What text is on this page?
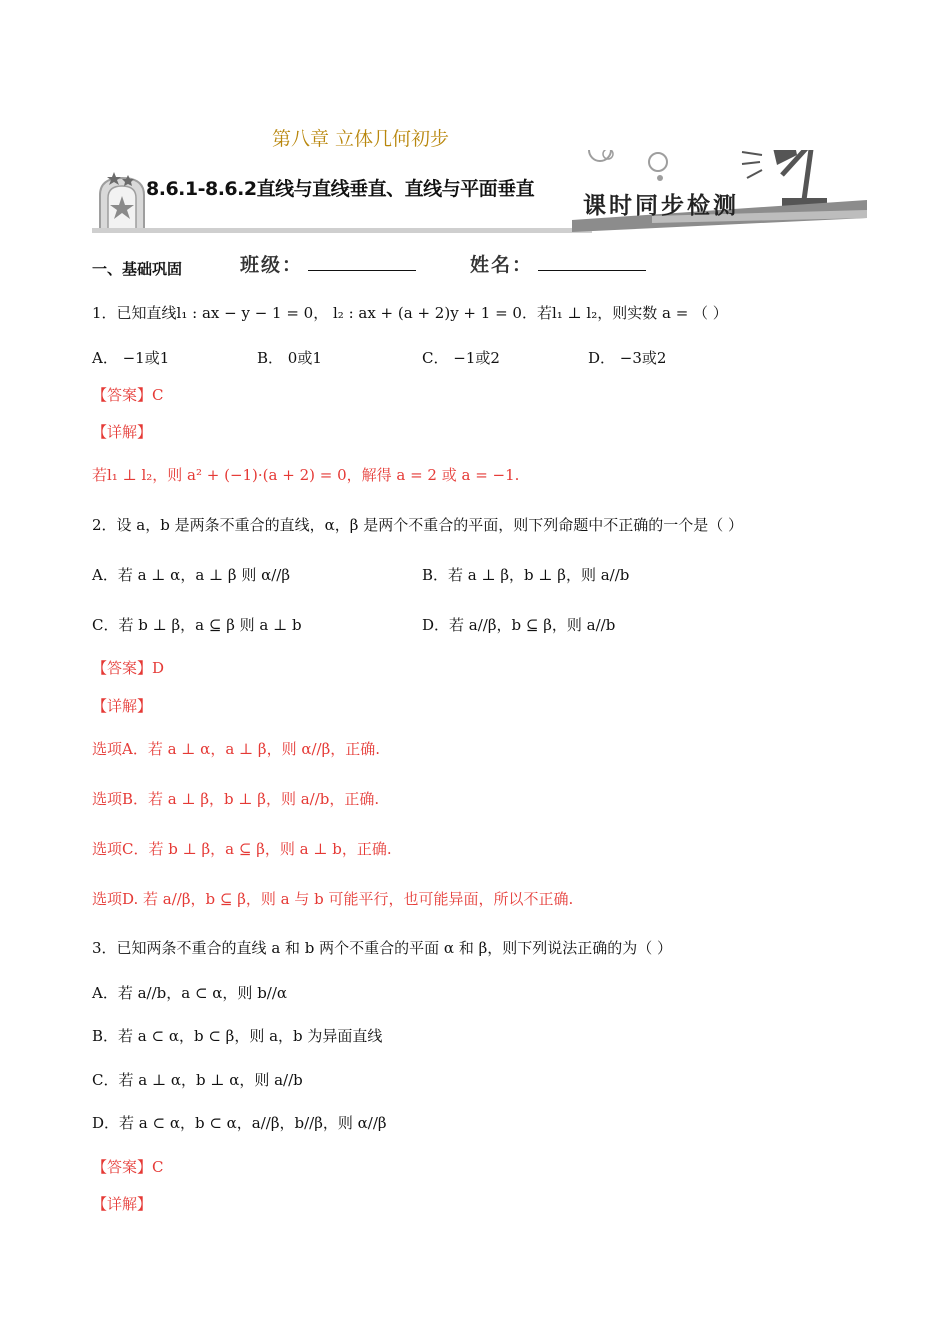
第八章 立体几何初步
8.6.1-8.6.2直线与直线垂直、直线与平面垂直
课时同步检测
一、基础巩固	班级：	姓名：
1．已知直线l₁ : ax − y − 1 = 0， l₂ : ax + (a + 2)y + 1 = 0．若l₁ ⊥ l₂，则实数 a = （ ）
A． −1或1	B． 0或1	C． −1或2	D． −3或2
【答案】C
【详解】
若l₁ ⊥ l₂，则 a² + (−1)·(a + 2) = 0，解得 a = 2 或 a = −1.
2．设 a，b 是两条不重合的直线，α，β 是两个不重合的平面，则下列命题中不正确的一个是（ ）
A．若 a ⊥ α，a ⊥ β 则 α//β	B．若 a ⊥ β，b ⊥ β，则 a//b
C．若 b ⊥ β，a ⊆ β 则 a ⊥ b	D．若 a//β，b ⊆ β，则 a//b
【答案】D
【详解】
选项A．若 a ⊥ α，a ⊥ β，则 α//β，正确.
选项B．若 a ⊥ β，b ⊥ β，则 a//b，正确.
选项C．若 b ⊥ β，a ⊆ β，则 a ⊥ b，正确.
选项D. 若 a//β，b ⊆ β，则 a 与 b 可能平行，也可能异面，所以不正确.
3．已知两条不重合的直线 a 和 b 两个不重合的平面 α 和 β，则下列说法正确的为（ ）
A．若 a//b，a ⊂ α，则 b//α
B．若 a ⊂ α，b ⊂ β，则 a，b 为异面直线
C．若 a ⊥ α，b ⊥ α，则 a//b
D．若 a ⊂ α，b ⊂ α，a//β，b//β，则 α//β
【答案】C
【详解】
